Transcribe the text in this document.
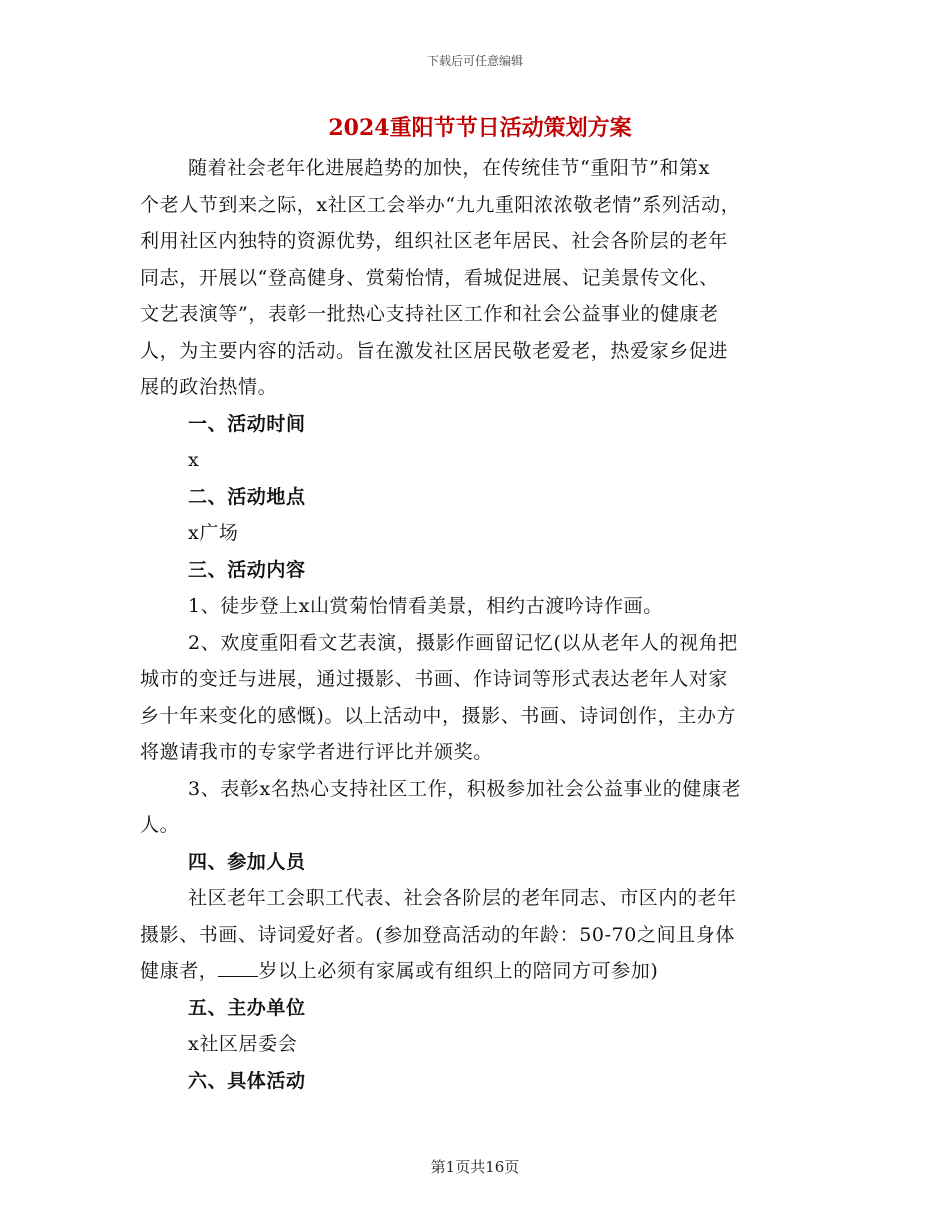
下载后可任意编辑
2024重阳节节日活动策划方案
随着社会老年化进展趋势的加快，在传统佳节“重阳节”和第x
个老人节到来之际，x社区工会举办“九九重阳浓浓敬老情”系列活动，
利用社区内独特的资源优势，组织社区老年居民、社会各阶层的老年
同志，开展以“登高健身、赏菊怡情，看城促进展、记美景传文化、
文艺表演等”，表彰一批热心支持社区工作和社会公益事业的健康老
人，为主要内容的活动。旨在激发社区居民敬老爱老，热爱家乡促进
展的政治热情。

一、活动时间

x

二、活动地点

x广场

三、活动内容

1、徒步登上x山赏菊怡情看美景，相约古渡吟诗作画。

2、欢度重阳看文艺表演，摄影作画留记忆(以从老年人的视角把
城市的变迁与进展，通过摄影、书画、作诗词等形式表达老年人对家
乡十年来变化的感慨)。以上活动中，摄影、书画、诗词创作，主办方
将邀请我市的专家学者进行评比并颁奖。
3、表彰x名热心支持社区工作，积极参加社会公益事业的健康老
人。

四、参加人员

社区老年工会职工代表、社会各阶层的老年同志、市区内的老年
摄影、书画、诗词爱好者。(参加登高活动的年龄：50-70之间且身体
健康者， 岁以上必须有家属或有组织上的陪同方可参加)

五、主办单位

x社区居委会

六、具体活动

第1页共16页
